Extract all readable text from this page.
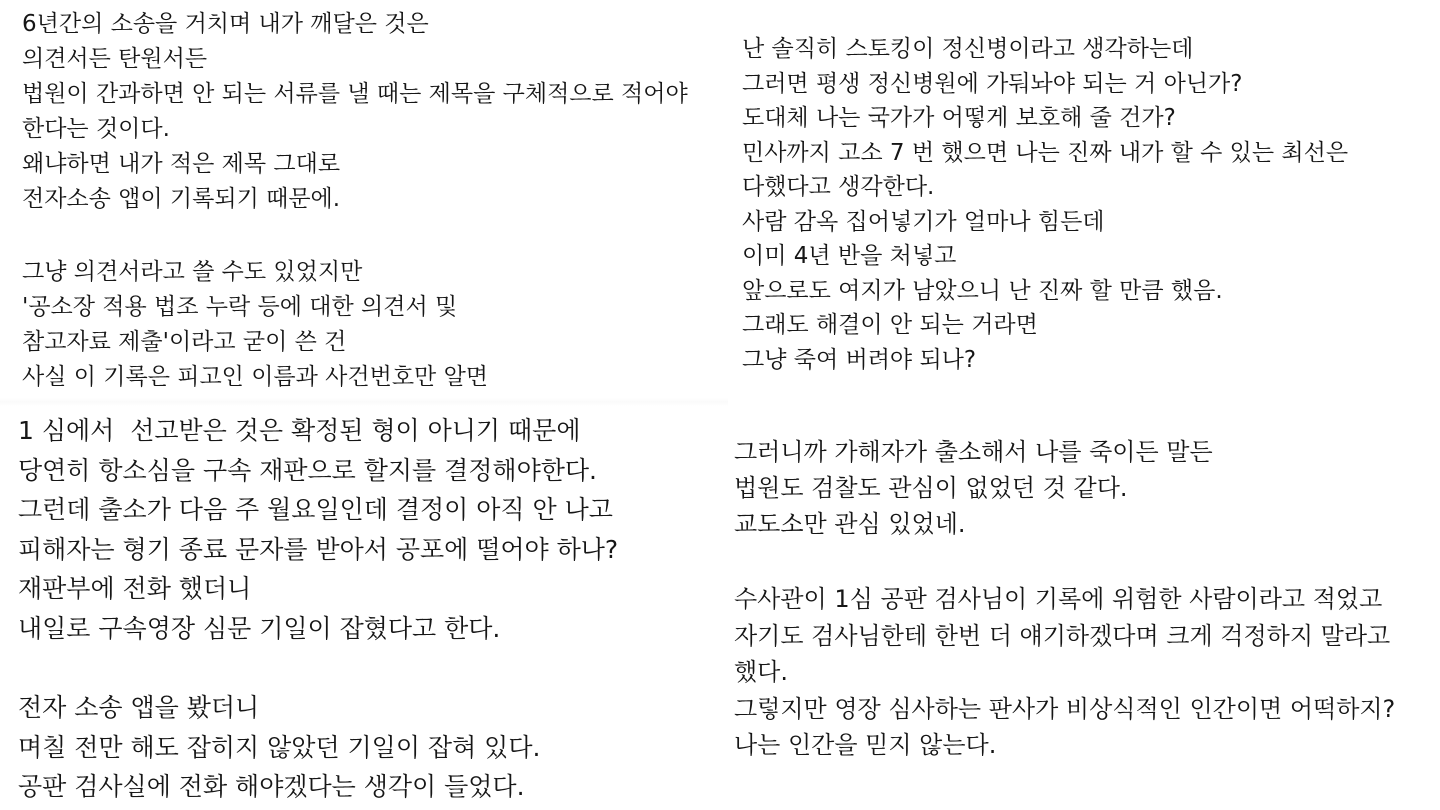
6년간의 소송을 거치며 내가 깨달은 것은
의견서든 탄원서든
법원이 간과하면 안 되는 서류를 낼 때는 제목을 구체적으로 적어야
한다는 것이다.
왜냐하면 내가 적은 제목 그대로
전자소송 앱이 기록되기 때문에.
그냥 의견서라고 쓸 수도 있었지만
'공소장 적용 법조 누락 등에 대한 의견서 및
참고자료 제출'이라고 굳이 쓴 건
사실 이 기록은 피고인 이름과 사건번호만 알면
1 심에서  선고받은 것은 확정된 형이 아니기 때문에
당연히 항소심을 구속 재판으로 할지를 결정해야한다.
그런데 출소가 다음 주 월요일인데 결정이 아직 안 나고
피해자는 형기 종료 문자를 받아서 공포에 떨어야 하나?
재판부에 전화 했더니
내일로 구속영장 심문 기일이 잡혔다고 한다.
전자 소송 앱을 봤더니
며칠 전만 해도 잡히지 않았던 기일이 잡혀 있다.
공판 검사실에 전화 해야겠다는 생각이 들었다.
난 솔직히 스토킹이 정신병이라고 생각하는데
그러면 평생 정신병원에 가둬놔야 되는 거 아닌가?
도대체 나는 국가가 어떻게 보호해 줄 건가?
민사까지 고소 7 번 했으면 나는 진짜 내가 할 수 있는 최선은
다했다고 생각한다.
사람 감옥 집어넣기가 얼마나 힘든데
이미 4년 반을 처넣고
앞으로도 여지가 남았으니 난 진짜 할 만큼 했음.
그래도 해결이 안 되는 거라면
그냥 죽여 버려야 되나?
그러니까 가해자가 출소해서 나를 죽이든 말든
법원도 검찰도 관심이 없었던 것 같다.
교도소만 관심 있었네.
수사관이 1심 공판 검사님이 기록에 위험한 사람이라고 적었고
자기도 검사님한테 한번 더 얘기하겠다며 크게 걱정하지 말라고
했다.
그렇지만 영장 심사하는 판사가 비상식적인 인간이면 어떡하지?
나는 인간을 믿지 않는다.
